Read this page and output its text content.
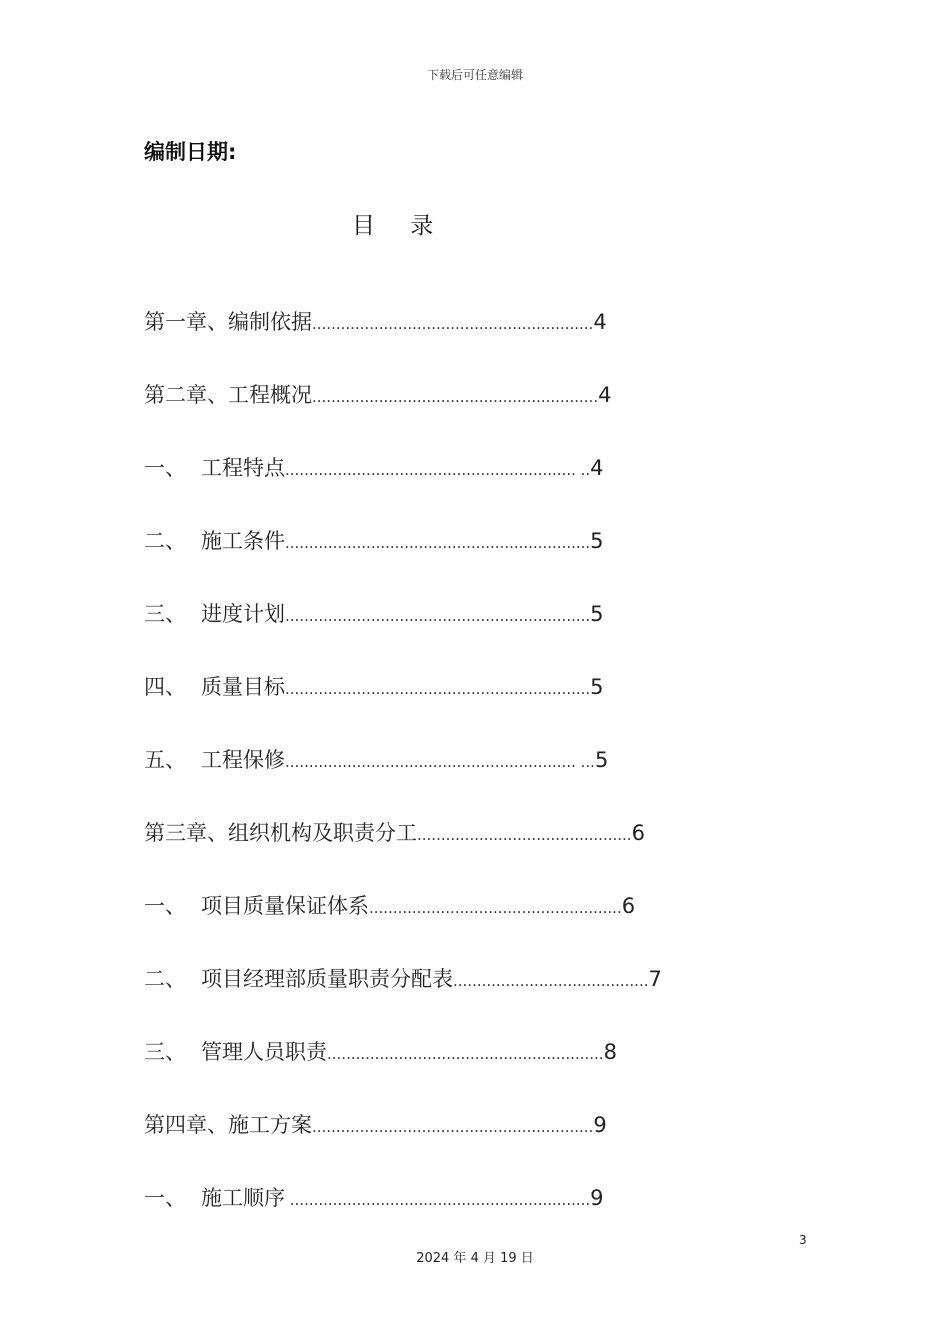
下载后可任意编辑
编制日期:
目 录
第一章、编制依据...........................................................4
第二章、工程概况............................................................4
一、 工程特点............................................................. ..4
二、 施工条件................................................................5
三、 进度计划................................................................5
四、 质量目标................................................................5
五、 工程保修............................................................. ...5
第三章、组织机构及职责分工.............................................6
一、 项目质量保证体系.....................................................6
二、 项目经理部质量职责分配表.........................................7
三、 管理人员职责..........................................................8
第四章、施工方案...........................................................9
一、 施工顺序 ...............................................................9
3
2024 年 4 月 19 日
